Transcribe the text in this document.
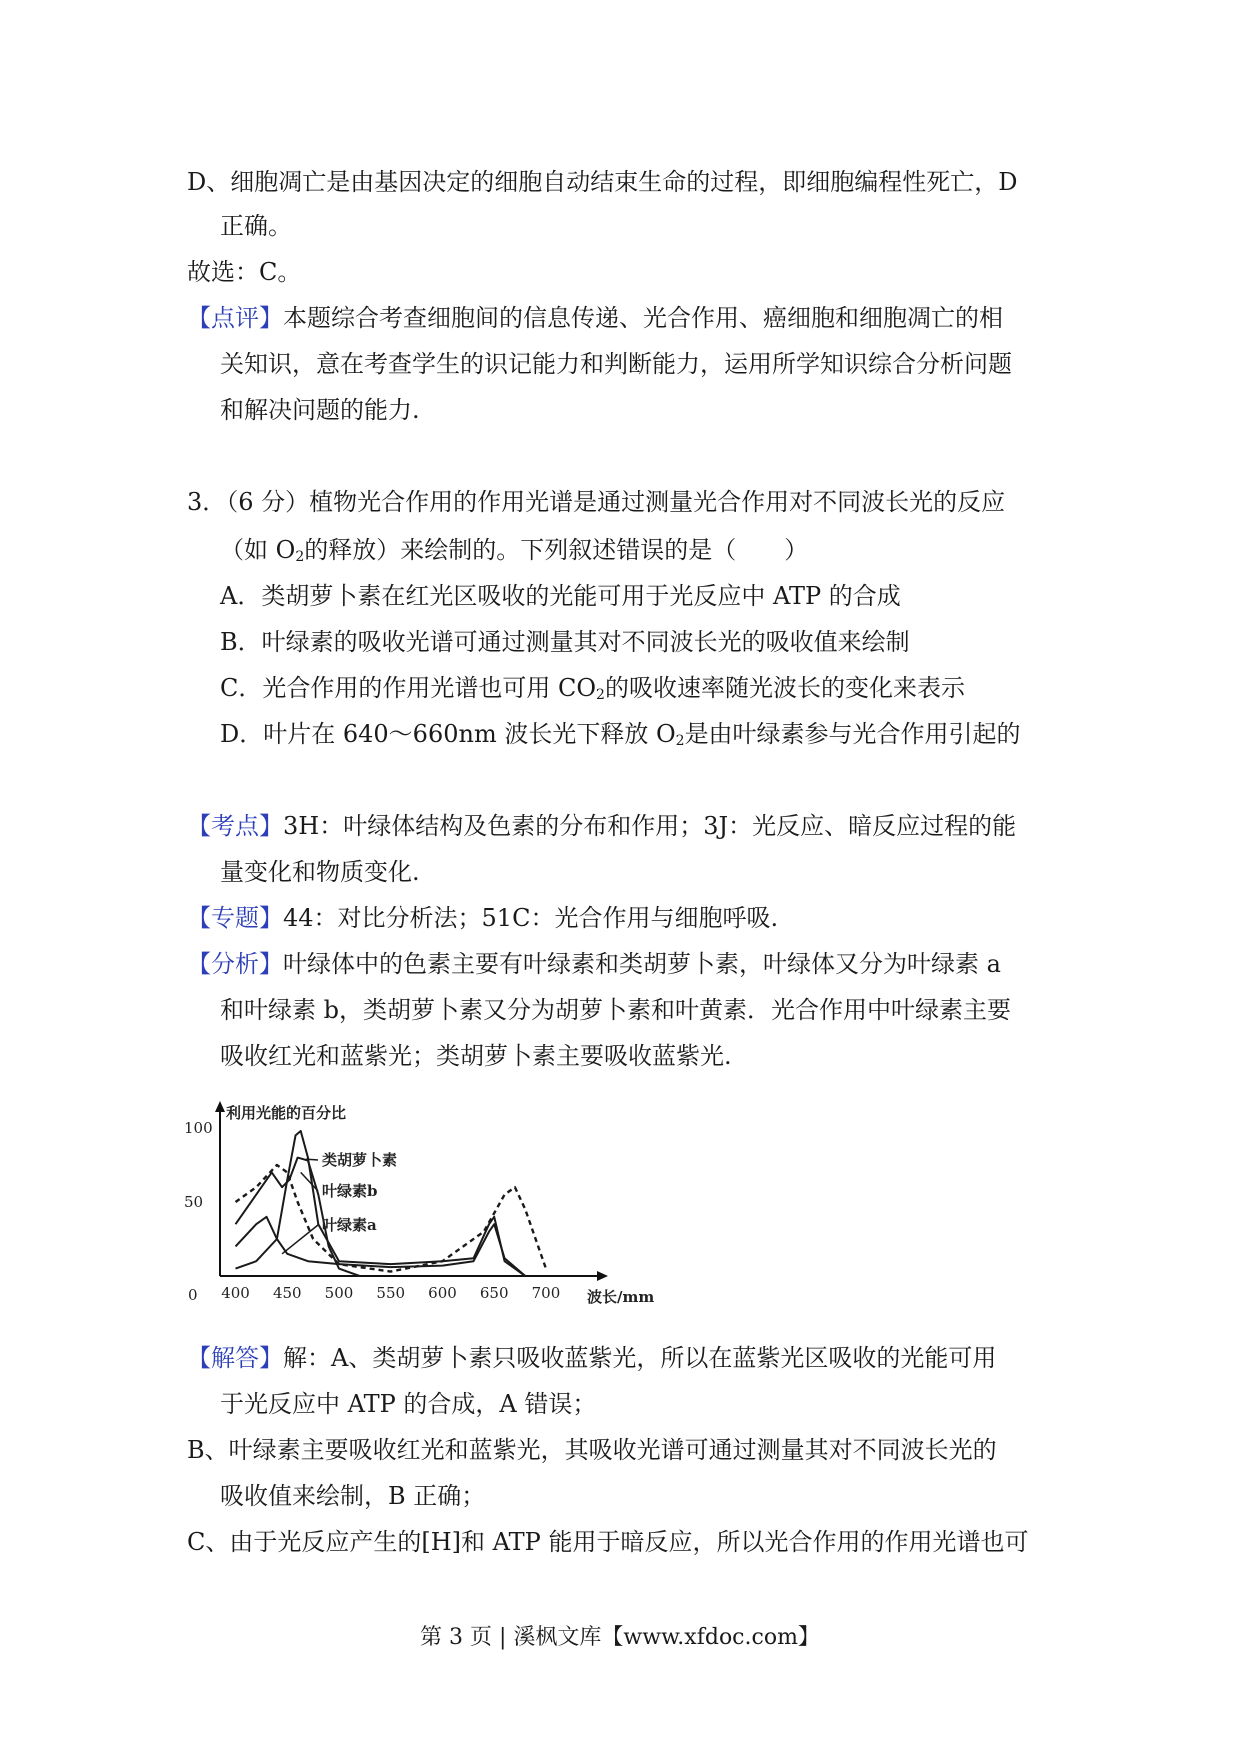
D、细胞凋亡是由基因决定的细胞自动结束生命的过程，即细胞编程性死亡，D
正确。
故选：C。
【点评】本题综合考查细胞间的信息传递、光合作用、癌细胞和细胞凋亡的相
关知识，意在考查学生的识记能力和判断能力，运用所学知识综合分析问题
和解决问题的能力.
3．（6 分）植物光合作用的作用光谱是通过测量光合作用对不同波长光的反应
（如 $O_2$的释放）来绘制的。下列叙述错误的是（　　）
A．类胡萝卜素在红光区吸收的光能可用于光反应中 ATP 的合成
B．叶绿素的吸收光谱可通过测量其对不同波长光的吸收值来绘制
C．光合作用的作用光谱也可用 $CO_2$的吸收速率随光波长的变化来表示
D．叶片在 640～660nm 波长光下释放 $O_2$是由叶绿素参与光合作用引起的
【考点】3H：叶绿体结构及色素的分布和作用；3J：光反应、暗反应过程的能
量变化和物质变化.
【专题】44：对比分析法；51C：光合作用与细胞呼吸.
【分析】叶绿体中的色素主要有叶绿素和类胡萝卜素，叶绿体又分为叶绿素 a
和叶绿素 b，类胡萝卜素又分为胡萝卜素和叶黄素．光合作用中叶绿素主要
吸收红光和蓝紫光；类胡萝卜素主要吸收蓝紫光.
利用光能的百分比
波长/mm
100
50
0 400 450 500 550 600 650 700
类胡萝卜素
叶绿素b
叶绿素a
【解答】解：A、类胡萝卜素只吸收蓝紫光，所以在蓝紫光区吸收的光能可用
于光反应中 ATP 的合成，A 错误；
B、叶绿素主要吸收红光和蓝紫光，其吸收光谱可通过测量其对不同波长光的
吸收值来绘制，B 正确；
C、由于光反应产生的[H]和 ATP 能用于暗反应，所以光合作用的作用光谱也可
第 3 页 | 溪枫文库【www.xfdoc.com】
